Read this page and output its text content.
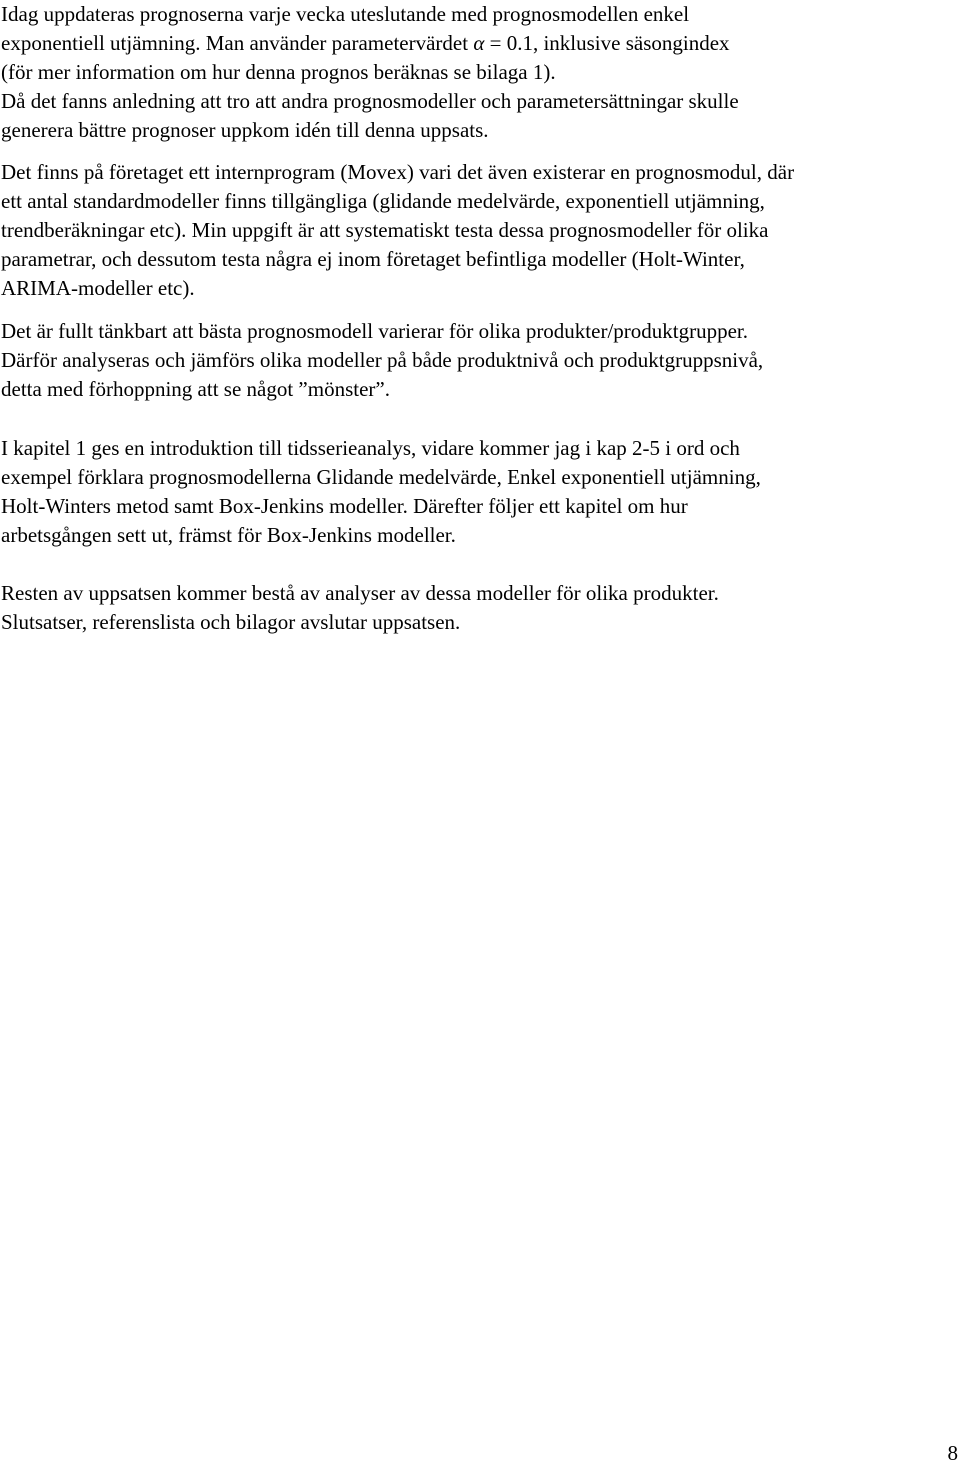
Idag uppdateras prognoserna varje vecka uteslutande med prognosmodellen enkel
exponentiell utjämning. Man använder parametervärdet α = 0.1, inklusive säsongindex
(för mer information om hur denna prognos beräknas se bilaga 1).
Då det fanns anledning att tro att andra prognosmodeller och parametersättningar skulle
generera bättre prognoser uppkom idén till denna uppsats.
Det finns på företaget ett internprogram (Movex) vari det även existerar en prognosmodul, där
ett antal standardmodeller finns tillgängliga (glidande medelvärde, exponentiell utjämning,
trendberäkningar etc). Min uppgift är att systematiskt testa dessa prognosmodeller för olika
parametrar, och dessutom testa några ej inom företaget befintliga modeller (Holt-Winter,
ARIMA-modeller etc).
Det är fullt tänkbart att bästa prognosmodell varierar för olika produkter/produktgrupper.
Därför analyseras och jämförs olika modeller på både produktnivå och produktgruppsnivå,
detta med förhoppning att se något ”mönster”.
I kapitel 1 ges en introduktion till tidsserieanalys, vidare kommer jag i kap 2-5 i ord och
exempel förklara prognosmodellerna Glidande medelvärde, Enkel exponentiell utjämning,
Holt-Winters metod samt Box-Jenkins modeller. Därefter följer ett kapitel om hur
arbetsgången sett ut, främst för Box-Jenkins modeller.
Resten av uppsatsen kommer bestå av analyser av dessa modeller för olika produkter.
Slutsatser, referenslista och bilagor avslutar uppsatsen.
8
